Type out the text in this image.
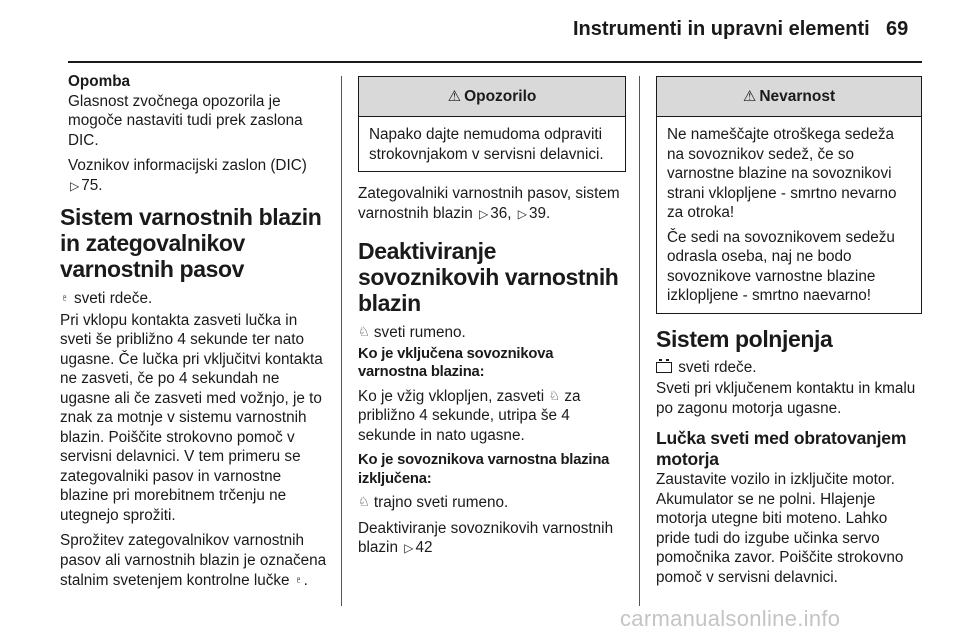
Instrumenti in upravni elementi 69

Opomba

Glasnost zvočnega opozorila je mogoče nastaviti tudi prek zaslona DIC.

Voznikov informacijski zaslon (DIC)
▷ 75.

Sistem varnostnih blazin in zategovalnikov varnostnih pasov

♇ sveti rdeče.

Pri vklopu kontakta zasveti lučka in sveti še približno 4 sekunde ter nato ugasne. Če lučka pri vključitvi kontakta ne zasveti, če po 4 sekundah ne ugasne ali če zasveti med vožnjo, je to znak za motnje v sistemu varnostnih blazin. Poiščite strokovno pomoč v servisni delavnici. V tem primeru se zategovalniki pasov in varnostne blazine pri morebitnem trčenju ne utegnejo sprožiti.

Sprožitev zategovalnikov varnostnih pasov ali varnostnih blazin je označena stalnim svetenjem kontrolne lučke ♇.

⚠ Opozorilo

Napako dajte nemudoma odpraviti strokovnjakom v servisni delavnici.

Zategovalniki varnostnih pasov, sistem varnostnih blazin ▷ 36, ▷ 39.

Deaktiviranje sovoznikovih varnostnih blazin

♘ sveti rumeno.

Ko je vključena sovoznikova varnostna blazina:

Ko je vžig vklopljen, zasveti ♘ za približno 4 sekunde, utripa še 4 sekunde in nato ugasne.

Ko je sovoznikova varnostna blazina izključena:

♘ trajno sveti rumeno.

Deaktiviranje sovoznikovih varnostnih blazin ▷ 42

⚠ Nevarnost

Ne nameščajte otroškega sedeža na sovoznikov sedež, če so varnostne blazine na sovoznikovi strani vklopljene - smrtno nevarno za otroka!

Če sedi na sovoznikovem sedežu odrasla oseba, naj ne bodo sovoznikove varnostne blazine izklopljene - smrtno naevarno!

Sistem polnjenja

sveti rdeče.

Sveti pri vključenem kontaktu in kmalu po zagonu motorja ugasne.

Lučka sveti med obratovanjem motorja

Zaustavite vozilo in izključite motor. Akumulator se ne polni. Hlajenje motorja utegne biti moteno. Lahko pride tudi do izgube učinka servo pomočnika zavor. Poiščite strokovno pomoč v servisni delavnici.

carmanualsonline.info
